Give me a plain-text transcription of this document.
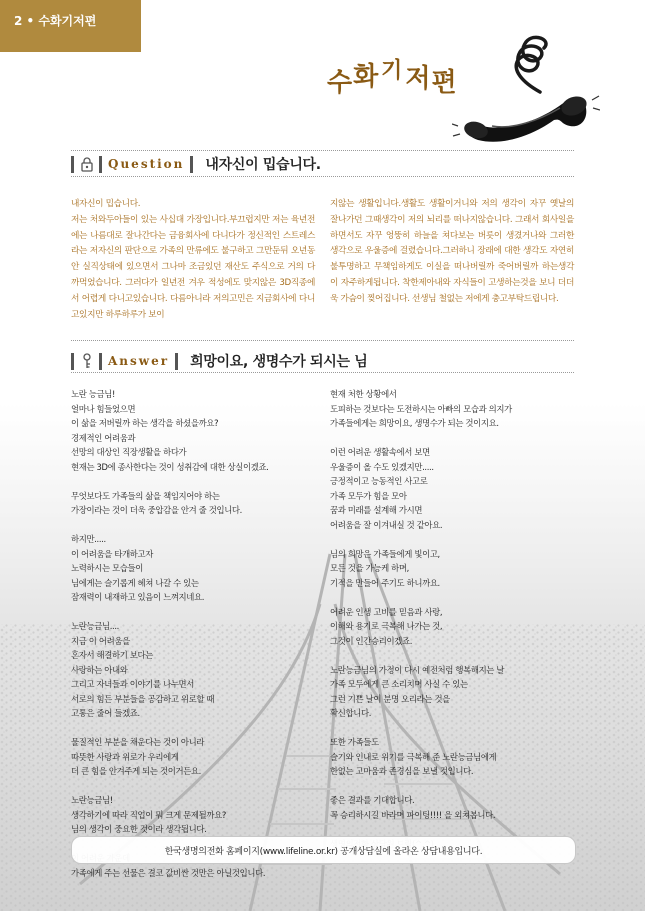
2 • 수화기저편
수화기저편
Question 내자신이 밉습니다.
내자신이 밉습니다.
저는 처와두아들이 있는 사십대 가장입니다.부끄럽지만 저는 육년전에는 나름대로 잘나간다는 금융회사에 다니다가 정신적인 스트레스라는 저자신의 판단으로 가족의 만류에도 불구하고 그만둔뒤 오년동안 실직상태에 있으면서 그나마 조금있던 재산도 주식으로 거의 다까먹었습니다. 그러다가 일년전 겨우 적성에도 맞지않은 3D직종에서 어렵게 다니고있습니다. 다름아니라 저의고민은 지금회사에 다니고있지만 하루하루가 보이
지않는 생활입니다.생활도 생활이거니와 저의 생각이 자꾸 옛날의 잘나가던 그때생각이 저의 뇌리를 떠나지않습니다. 그래서 회사일을 하면서도 자꾸 엉뚱히 하늘을 쳐다보는 버릇이 생겼거나와 그러한 생각으로 우울증에 걸렸습니다.그러하니 장래에 대한 생각도 자연히 불투명하고 무책임하게도 이실을 떠나버릴까 죽어버릴까 하는생각이 자주하게됩니다. 착한제아내와 자식들이 고생하는것을 보니 더더욱 가슴이 찢어집니다. 선생님 철없는 저에게 충고부탁드립니다.
Answer 희망이요, 생명수가 되시는 님
노란 능금님!
얼마나 힘들었으면
이 삶을 저버릴까 하는 생각을 하셨을까요?
경제적인 어려움과
선망의 대상인 직장생활을 하다가
현재는 3D에 종사한다는 것이 성취감에 대한 상실이겠죠.

무엇보다도 가족들의 삶을 책임지어야 하는
가장이라는 것이 더욱 중압감을 안겨 줄 것입니다.

하지만.....
이 어려움을 타개하고자
노력하시는 모습들이
님에게는 슬기롭게 헤쳐 나갈 수 있는
잠재력이 내재하고 있음이 느껴지네요.

노란능금님....
지금 이 어려움을
혼자서 해결하기 보다는
사랑하는 아내와
그리고 자녀들과 이야기를 나누면서
서로의 힘든 부분들을 공감하고 위로할 때
고통은 줄어 들겠죠.

물질적인 부분을 채운다는 것이 아니라
따뜻한 사랑과 위로가 우리에게
더 큰 힘을 안겨주게 되는 것이거든요.

노란능금님!
생각하기에 따라 직업이 뭐 크게 문제될까요?
님의 생각이 중요한 것이라 생각됩니다.

가족에게 주는 선물은 결코 값비싼 것만은 아닐것입니다.
현재 처한 상황에서
도피하는 것보다는 도전하시는 아빠의 모습과 의지가
가족들에게는 희망이요, 생명수가 되는 것이지요.

이런 어려운 생활속에서 보면
우울증이 올 수도 있겠지만.....
긍정적이고 능동적인 사고로
가족 모두가 힘을 모아
꿈과 미래를 설계해 가시면
어려움을 잘 이겨내실 것 같아요.

님의 희망은 가족들에게 빛이고,
모든 것을 가능케 하며,
기적을 만들어 주기도 하니까요.

어려운 인생 고비를 믿음과 사랑,
이해와 용기로 극복해 나가는 것,
그것이 인간승리이겠죠.

노란능금님의 가정이 다시 예전처럼 행복해지는 날
가족 모두에게 큰 소리치며 사실 수 있는
그런 기쁜 날이 분명 오리라는 것을
확신합니다.

또한 가족들도
슬기와 인내로 위기를 극복해 준 노란능금님에게
한없는 고마움과 존경심을 보낼 것입니다.

좋은 결과를 기대합니다.
꼭 승리하시길 바라며 파이팅!!!! 을 외쳐봅니다.

한국생명의전화 홈페이지(www.lifeline.or.kr) 공개상담실에 올라온 상담내용입니다.
